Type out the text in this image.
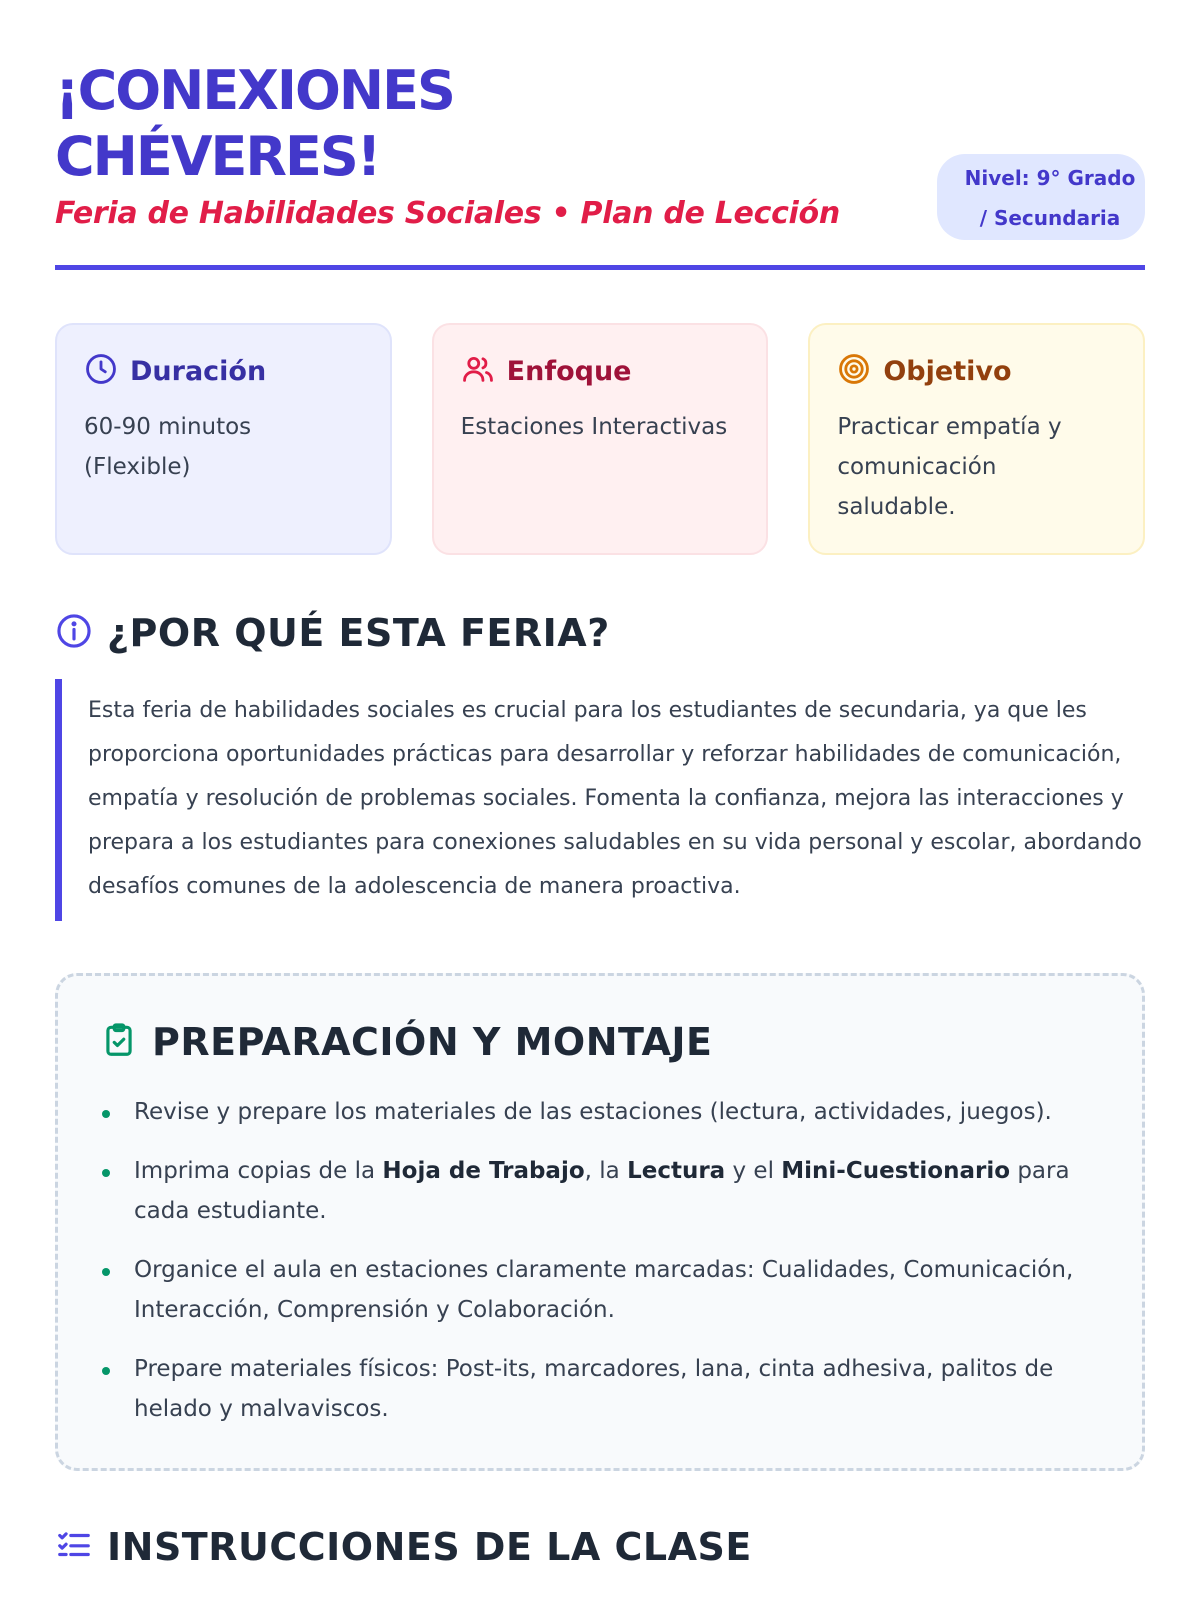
¡CONEXIONES
CHÉVERES!
Feria de Habilidades Sociales • Plan de Lección
Nivel: 9° Grado / Secundaria
Duración
60-90 minutos (Flexible)
Enfoque
Estaciones Interactivas
Objetivo
Practicar empatía y comunicación saludable.
¿POR QUÉ ESTA FERIA?

Esta feria de habilidades sociales es crucial para los estudiantes de secundaria, ya que les proporciona oportunidades prácticas para desarrollar y reforzar habilidades de comunicación, empatía y resolución de problemas sociales. Fomenta la confianza, mejora las interacciones y prepara a los estudiantes para conexiones saludables en su vida personal y escolar, abordando desafíos comunes de la adolescencia de manera proactiva.

PREPARACIÓN Y MONTAJE
Revise y prepare los materiales de las estaciones (lectura, actividades, juegos).
Imprima copias de la Hoja de Trabajo, la Lectura y el Mini-Cuestionario para cada estudiante.
Organice el aula en estaciones claramente marcadas: Cualidades, Comunicación, Interacción, Comprensión y Colaboración.
Prepare materiales físicos: Post-its, marcadores, lana, cinta adhesiva, palitos de helado y malvaviscos.
INSTRUCCIONES DE LA CLASE
